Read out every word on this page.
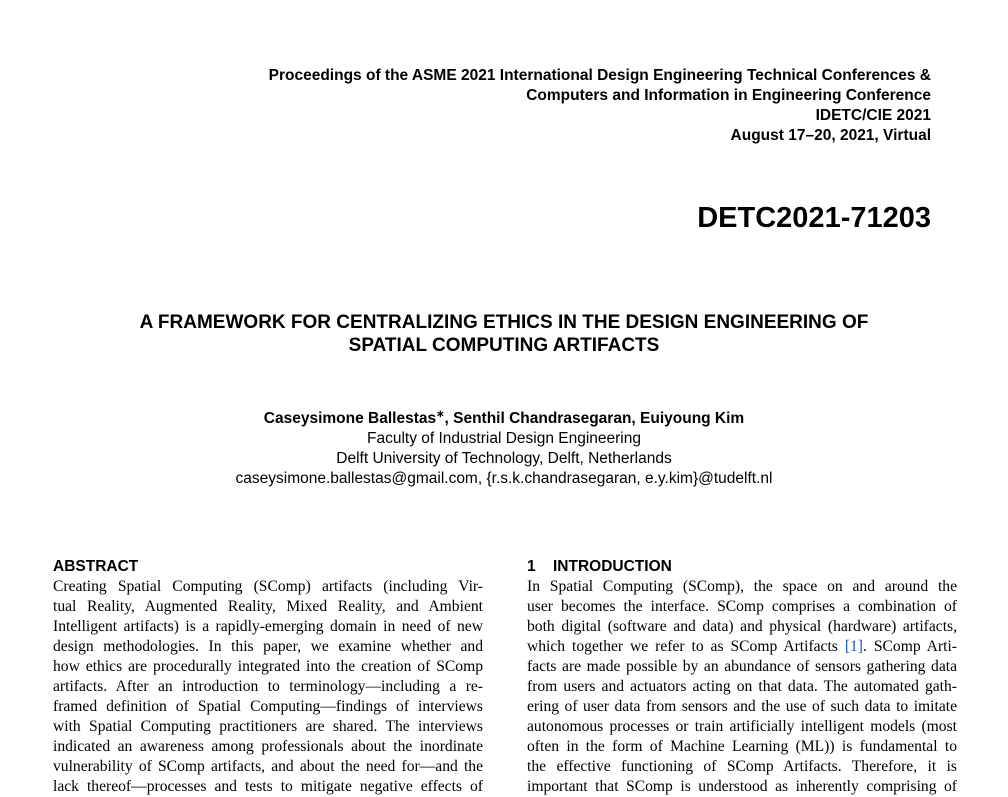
Proceedings of the ASME 2021 International Design Engineering Technical Conferences &
Computers and Information in Engineering Conference
IDETC/CIE 2021
August 17–20, 2021, Virtual
DETC2021-71203
A FRAMEWORK FOR CENTRALIZING ETHICS IN THE DESIGN ENGINEERING OF
SPATIAL COMPUTING ARTIFACTS
Caseysimone Ballestas∗, Senthil Chandrasegaran, Euiyoung Kim
Faculty of Industrial Design Engineering
Delft University of Technology, Delft, Netherlands
caseysimone.ballestas@gmail.com, {r.s.k.chandrasegaran, e.y.kim}@tudelft.nl
ABSTRACT
Creating Spatial Computing (SComp) artifacts (including Vir-
tual Reality, Augmented Reality, Mixed Reality, and Ambient
Intelligent artifacts) is a rapidly-emerging domain in need of new
design methodologies. In this paper, we examine whether and
how ethics are procedurally integrated into the creation of SComp
artifacts. After an introduction to terminology—including a re-
framed definition of Spatial Computing—findings of interviews
with Spatial Computing practitioners are shared. The interviews
indicated an awareness among professionals about the inordinate
vulnerability of SComp artifacts, and about the need for—and the
lack thereof—processes and tests to mitigate negative effects of
1 INTRODUCTION
In Spatial Computing (SComp), the space on and around the
user becomes the interface. SComp comprises a combination of
both digital (software and data) and physical (hardware) artifacts,
which together we refer to as SComp Artifacts [1]. SComp Arti-
facts are made possible by an abundance of sensors gathering data
from users and actuators acting on that data. The automated gath-
ering of user data from sensors and the use of such data to imitate
autonomous processes or train artificially intelligent models (most
often in the form of Machine Learning (ML)) is fundamental to
the effective functioning of SComp Artifacts. Therefore, it is
important that SComp is understood as inherently comprising of
